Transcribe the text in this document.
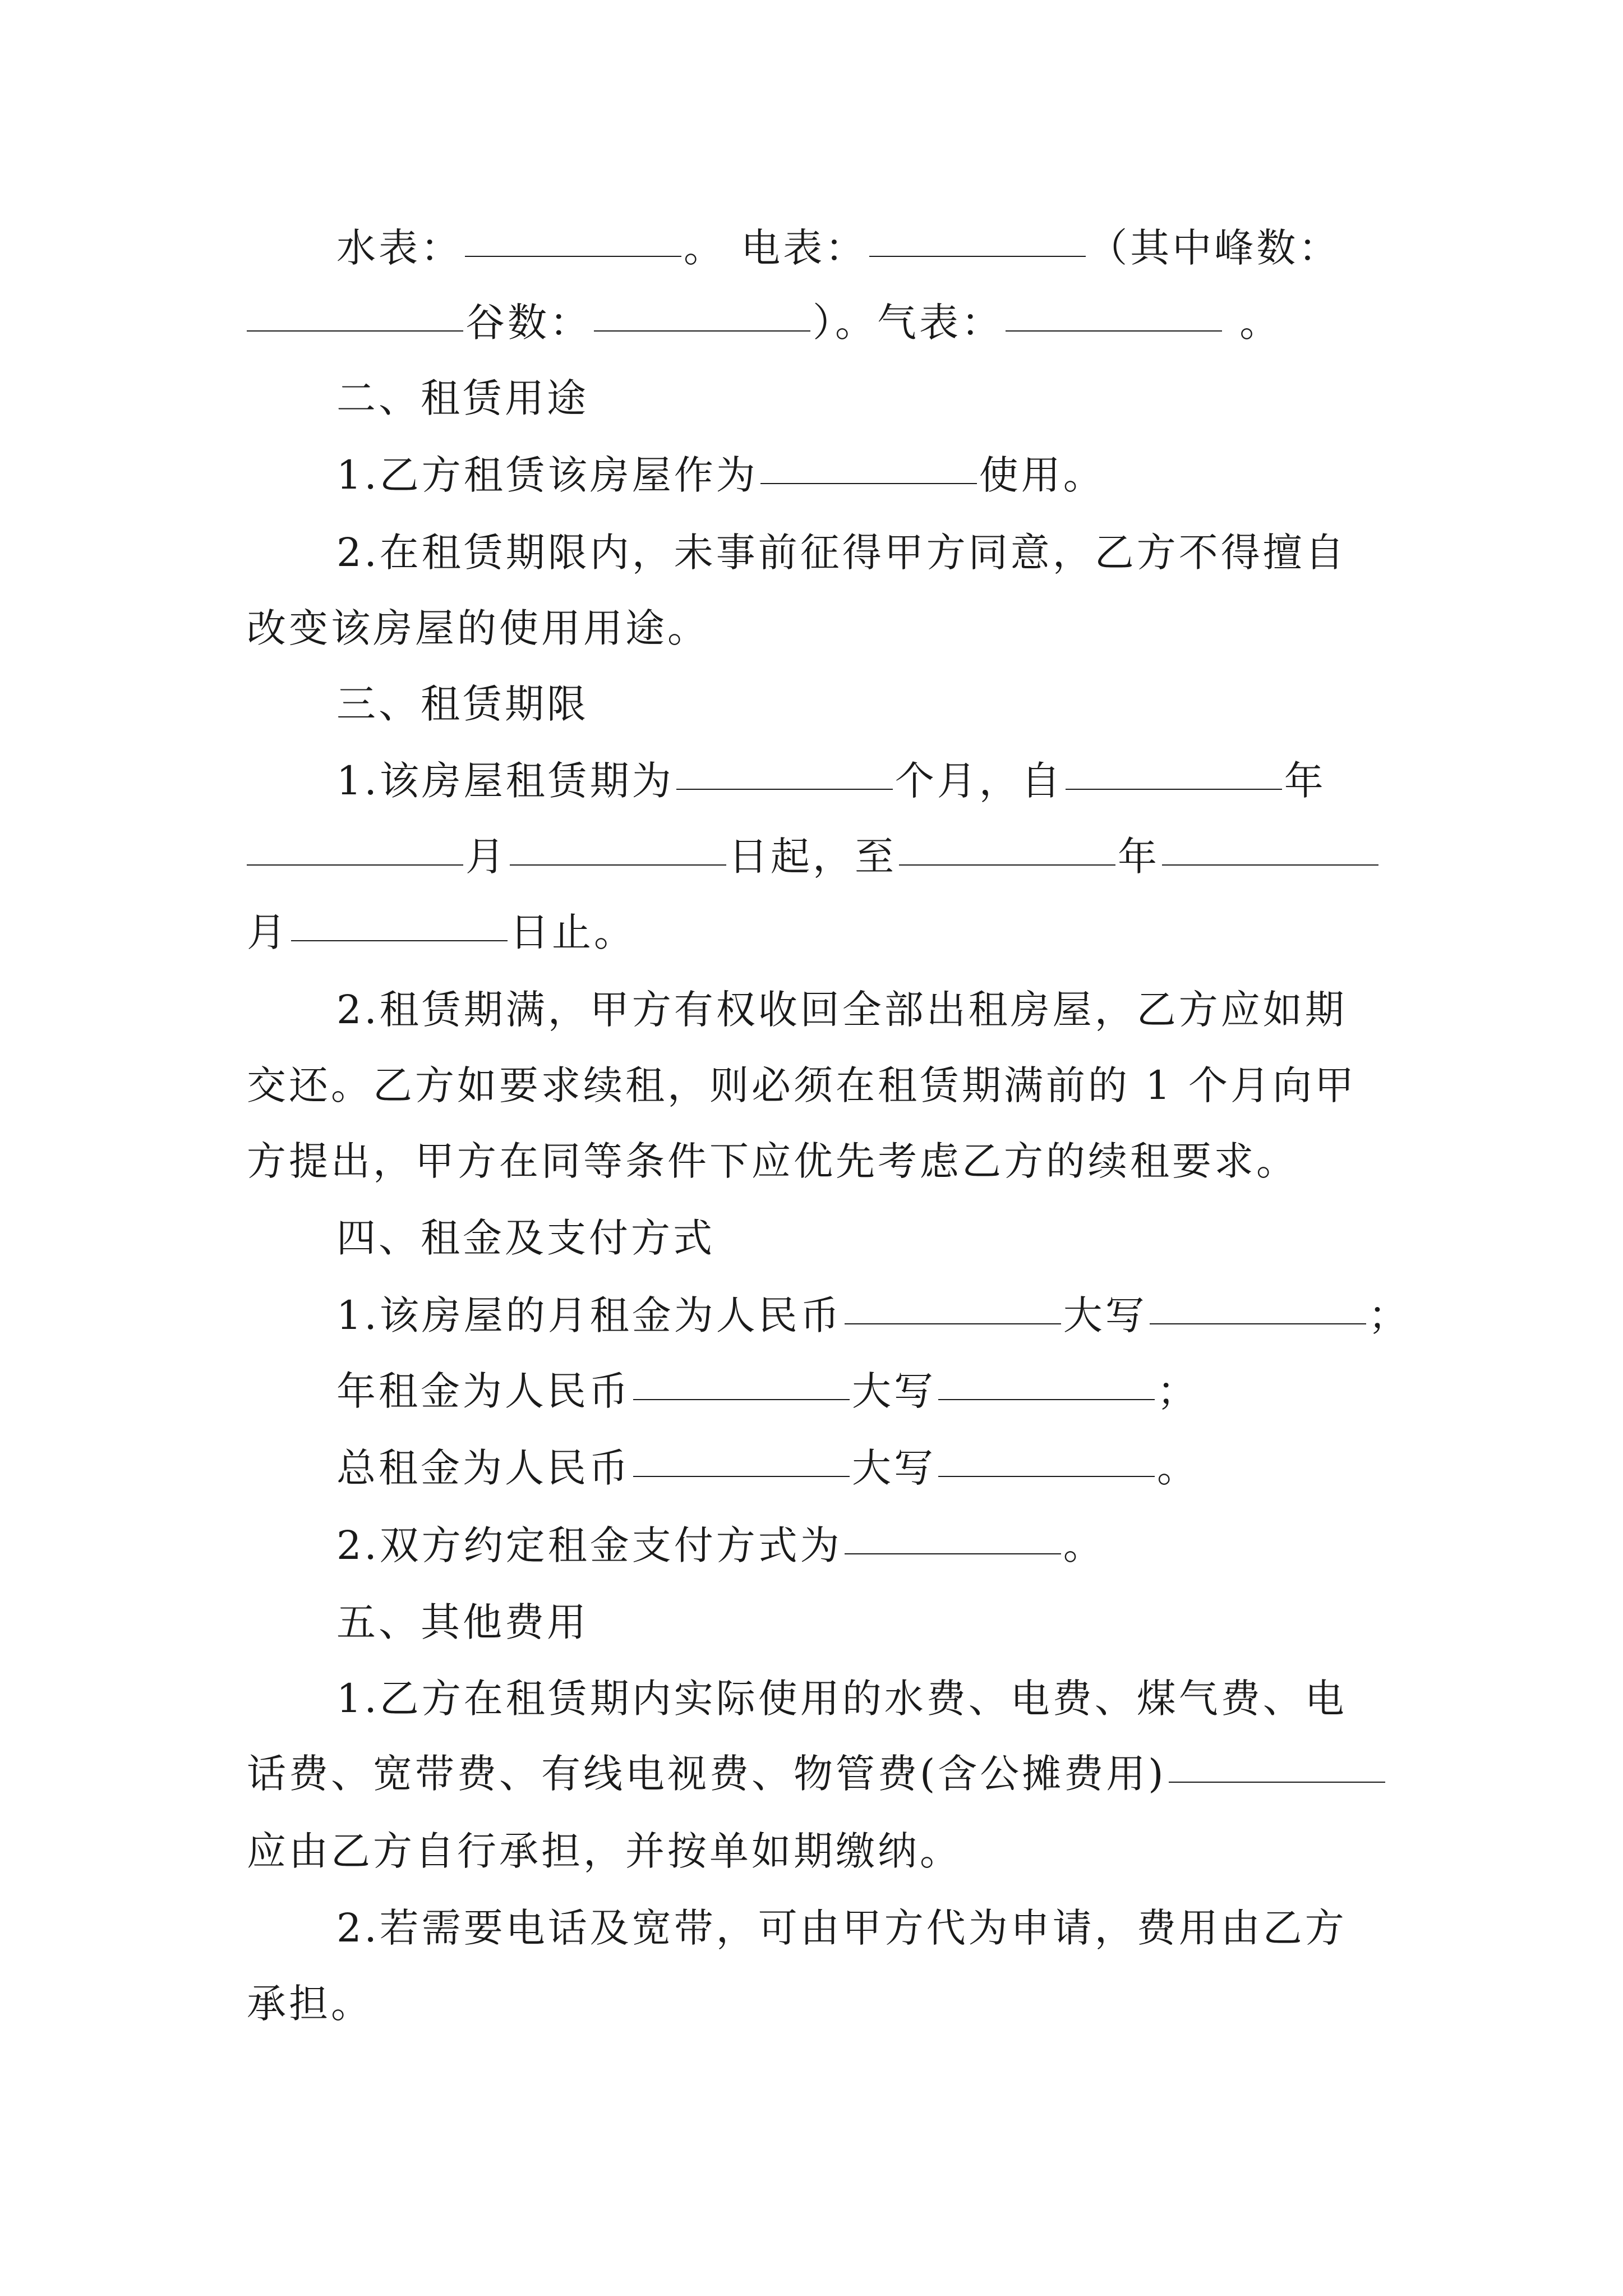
水表：	。 电表：	（其中峰数：
谷数：	）。气表：	。
二、租赁用途
1.乙方租赁该房屋作为	使用。
2.在租赁期限内，未事前征得甲方同意，乙方不得擅自
改变该房屋的使用用途。
三、租赁期限
1.该房屋租赁期为	个月，自	年
月	日起，至	年
月	日止。
2.租赁期满，甲方有权收回全部出租房屋，乙方应如期
交还。乙方如要求续租，则必须在租赁期满前的 1 个月向甲
方提出，甲方在同等条件下应优先考虑乙方的续租要求。
四、租金及支付方式
1.该房屋的月租金为人民币	大写	；
年租金为人民币	大写	；
总租金为人民币	大写	。
2.双方约定租金支付方式为	。
五、其他费用
1.乙方在租赁期内实际使用的水费、电费、煤气费、电
话费、宽带费、有线电视费、物管费(含公摊费用)
应由乙方自行承担，并按单如期缴纳。
2.若需要电话及宽带，可由甲方代为申请，费用由乙方
承担。
